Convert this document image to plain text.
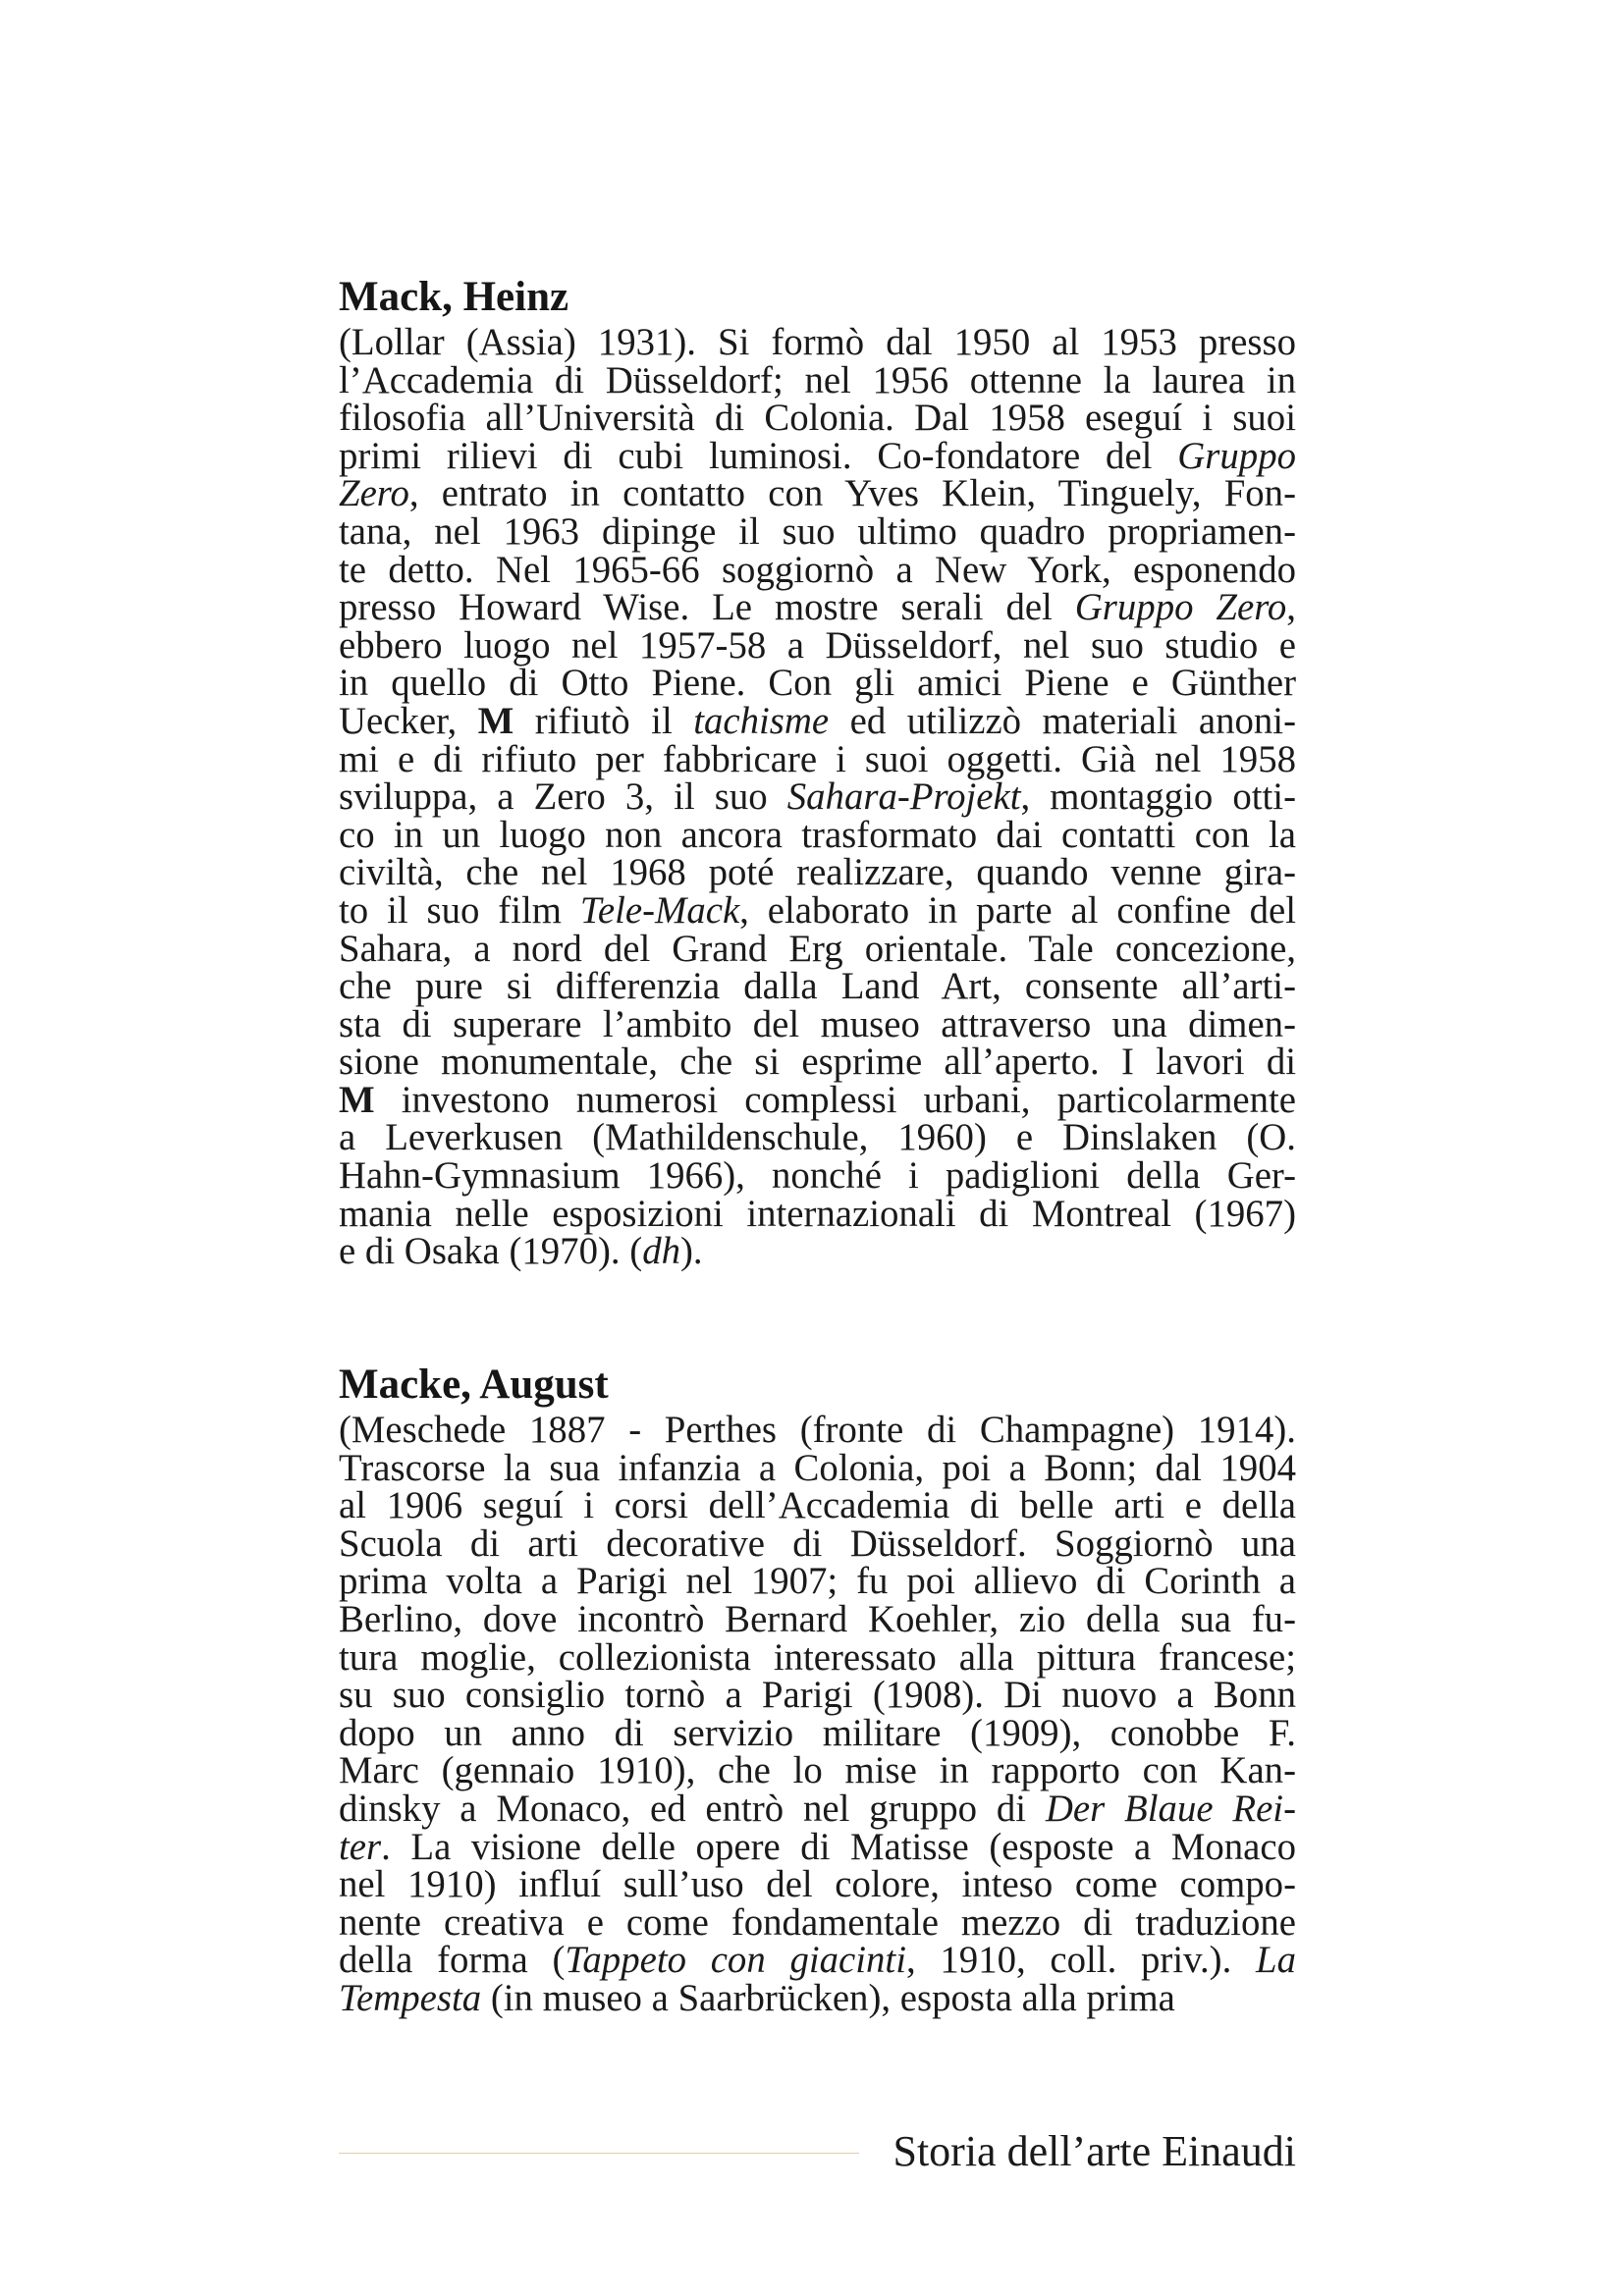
Mack, Heinz
(Lollar (Assia) 1931). Si formò dal 1950 al 1953 presso
l’Accademia di Düsseldorf; nel 1956 ottenne la laurea in
filosofia all’Università di Colonia. Dal 1958 eseguí i suoi
primi rilievi di cubi luminosi. Co-fondatore del Gruppo
Zero, entrato in contatto con Yves Klein, Tinguely, Fon-
tana, nel 1963 dipinge il suo ultimo quadro propriamen-
te detto. Nel 1965-66 soggiornò a New York, esponendo
presso Howard Wise. Le mostre serali del Gruppo Zero,
ebbero luogo nel 1957-58 a Düsseldorf, nel suo studio e
in quello di Otto Piene. Con gli amici Piene e Günther
Uecker, M rifiutò il tachisme ed utilizzò materiali anoni-
mi e di rifiuto per fabbricare i suoi oggetti. Già nel 1958
sviluppa, a Zero 3, il suo Sahara-Projekt, montaggio otti-
co in un luogo non ancora trasformato dai contatti con la
civiltà, che nel 1968 poté realizzare, quando venne gira-
to il suo film Tele-Mack, elaborato in parte al confine del
Sahara, a nord del Grand Erg orientale. Tale concezione,
che pure si differenzia dalla Land Art, consente all’arti-
sta di superare l’ambito del museo attraverso una dimen-
sione monumentale, che si esprime all’aperto. I lavori di
M investono numerosi complessi urbani, particolarmente
a Leverkusen (Mathildenschule, 1960) e Dinslaken (O.
Hahn-Gymnasium 1966), nonché i padiglioni della Ger-
mania nelle esposizioni internazionali di Montreal (1967)
e di Osaka (1970). (dh).
Macke, August
(Meschede 1887 - Perthes (fronte di Champagne) 1914).
Trascorse la sua infanzia a Colonia, poi a Bonn; dal 1904
al 1906 seguí i corsi dell’Accademia di belle arti e della
Scuola di arti decorative di Düsseldorf. Soggiornò una
prima volta a Parigi nel 1907; fu poi allievo di Corinth a
Berlino, dove incontrò Bernard Koehler, zio della sua fu-
tura moglie, collezionista interessato alla pittura francese;
su suo consiglio tornò a Parigi (1908). Di nuovo a Bonn
dopo un anno di servizio militare (1909), conobbe F.
Marc (gennaio 1910), che lo mise in rapporto con Kan-
dinsky a Monaco, ed entrò nel gruppo di Der Blaue Rei-
ter. La visione delle opere di Matisse (esposte a Monaco
nel 1910) influí sull’uso del colore, inteso come compo-
nente creativa e come fondamentale mezzo di traduzione
della forma (Tappeto con giacinti, 1910, coll. priv.). La
Tempesta (in museo a Saarbrücken), esposta alla prima
Storia dell’arte Einaudi
